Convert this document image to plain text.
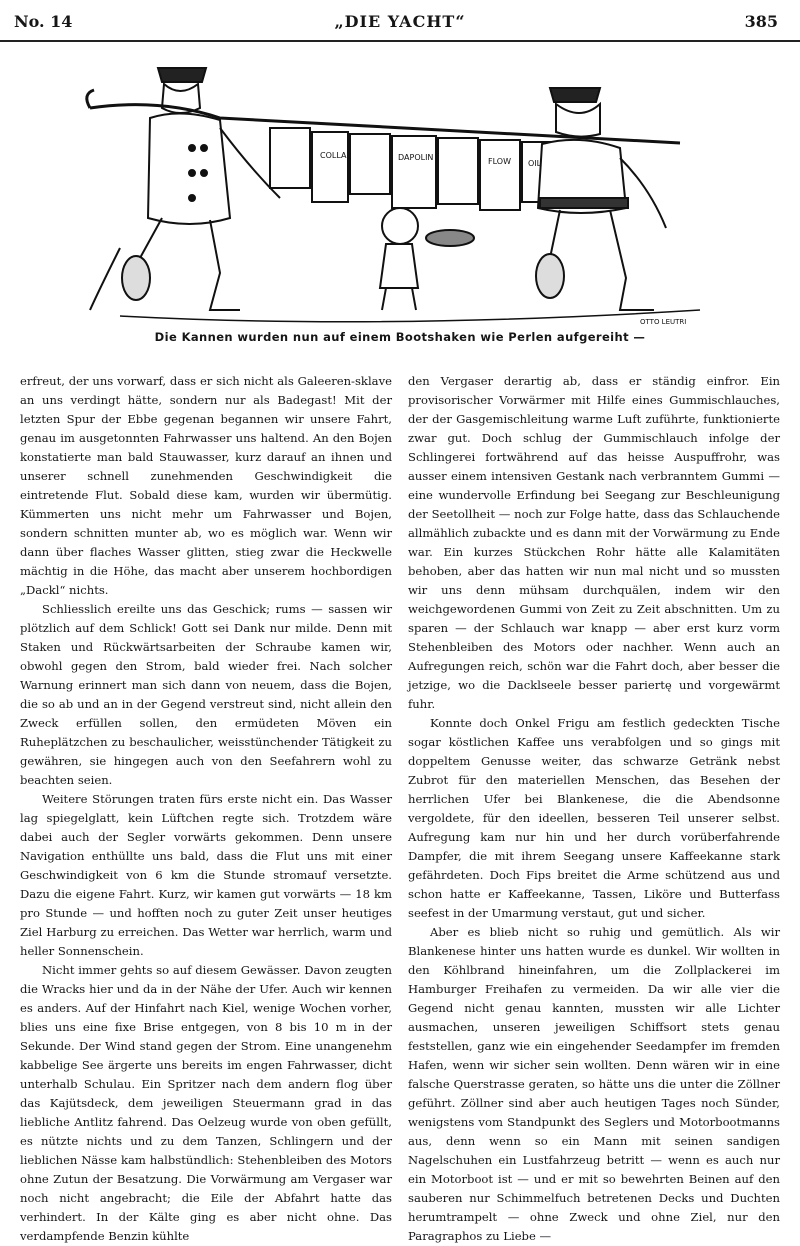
No. 14	„DIE YACHT“	385
COLLA	DAPOLIN	FLOW OIL
OTTO LEUTRI
Die Kannen wurden nun auf einem Bootshaken wie Perlen aufgereiht —

erfreut, der uns vorwarf, dass er sich nicht als Galeeren-sklave an uns verdingt hätte, sondern nur als Badegast! Mit der letzten Spur der Ebbe gegenan begannen wir unsere Fahrt, genau im ausgetonnten Fahrwasser uns haltend. An den Bojen konstatierte man bald Stauwasser, kurz darauf an ihnen und unserer schnell zunehmenden Geschwindigkeit die eintretende Flut. Sobald diese kam, wurden wir übermütig. Kümmerten uns nicht mehr um Fahrwasser und Bojen, sondern schnitten munter ab, wo es möglich war. Wenn wir dann über flaches Wasser glitten, stieg zwar die Heckwelle mächtig in die Höhe, das macht aber unserem hochbordigen „Dackl“ nichts.

Schliesslich ereilte uns das Geschick; rums — sassen wir plötzlich auf dem Schlick! Gott sei Dank nur milde. Denn mit Staken und Rückwärtsarbeiten der Schraube kamen wir, obwohl gegen den Strom, bald wieder frei. Nach solcher Warnung erinnert man sich dann von neuem, dass die Bojen, die so ab und an in der Gegend verstreut sind, nicht allein den Zweck erfüllen sollen, den ermüdeten Möven ein Ruheplätzchen zu beschaulicher, weisstünchender Tätigkeit zu gewähren, sie hingegen auch von den Seefahrern wohl zu beachten seien.

Weitere Störungen traten fürs erste nicht ein. Das Wasser lag spiegelglatt, kein Lüftchen regte sich. Trotzdem wäre dabei auch der Segler vorwärts gekommen. Denn unsere Navigation enthüllte uns bald, dass die Flut uns mit einer Geschwindigkeit von 6 km die Stunde stromauf versetzte. Dazu die eigene Fahrt. Kurz, wir kamen gut vorwärts — 18 km pro Stunde — und hofften noch zu guter Zeit unser heutiges Ziel Harburg zu erreichen. Das Wetter war herrlich, warm und heller Sonnenschein.

Nicht immer gehts so auf diesem Gewässer. Davon zeugten die Wracks hier und da in der Nähe der Ufer. Auch wir kennen es anders. Auf der Hinfahrt nach Kiel, wenige Wochen vorher, blies uns eine fixe Brise entgegen, von 8 bis 10 m in der Sekunde. Der Wind stand gegen der Strom. Eine unangenehm kabbelige See ärgerte uns bereits im engen Fahrwasser, dicht unterhalb Schulau. Ein Spritzer nach dem andern flog über das Kajütsdeck, dem jeweiligen Steuermann grad in das liebliche Antlitz fahrend. Das Oelzeug wurde von oben gefüllt, es nützte nichts und zu dem Tanzen, Schlingern und der lieblichen Nässe kam halbstündlich: Stehenbleiben des Motors ohne Zutun der Besatzung. Die Vorwärmung am Vergaser war noch nicht angebracht; die Eile der Abfahrt hatte das verhindert. In der Kälte ging es aber nicht ohne. Das verdampfende Benzin kühlte

den Vergaser derartig ab, dass er ständig einfror. Ein provisorischer Vorwärmer mit Hilfe eines Gummischlauches, der der Gasgemischleitung warme Luft zuführte, funktionierte zwar gut. Doch schlug der Gummischlauch infolge der Schlingerei fortwährend auf das heisse Auspuffrohr, was ausser einem intensiven Gestank nach verbranntem Gummi — eine wundervolle Erfindung bei Seegang zur Beschleunigung der Seetollheit — noch zur Folge hatte, dass das Schlauchende allmählich zubackte und es dann mit der Vorwärmung zu Ende war. Ein kurzes Stückchen Rohr hätte alle Kalamitäten behoben, aber das hatten wir nun mal nicht und so mussten wir uns denn mühsam durchquälen, indem wir den weichgewordenen Gummi von Zeit zu Zeit abschnitten. Um zu sparen — der Schlauch war knapp — aber erst kurz vorm Stehenbleiben des Motors oder nachher. Wenn auch an Aufregungen reich, schön war die Fahrt doch, aber besser die jetzige, wo die Dacklseele besser pariertę und vorgewärmt fuhr.

Konnte doch Onkel Frigu am festlich gedeckten Tische sogar köstlichen Kaffee uns verabfolgen und so gings mit doppeltem Genusse weiter, das schwarze Getränk nebst Zubrot für den materiellen Menschen, das Besehen der herrlichen Ufer bei Blankenese, die die Abendsonne vergoldete, für den ideellen, besseren Teil unserer selbst. Aufregung kam nur hin und her durch vorüberfahrende Dampfer, die mit ihrem Seegang unsere Kaffeekanne stark gefährdeten. Doch Fips breitet die Arme schützend aus und schon hatte er Kaffeekanne, Tassen, Liköre und Butterfass seefest in der Umarmung verstaut, gut und sicher.

Aber es blieb nicht so ruhig und gemütlich. Als wir Blankenese hinter uns hatten wurde es dunkel. Wir wollten in den Köhlbrand hineinfahren, um die Zollplackerei im Hamburger Freihafen zu vermeiden. Da wir alle vier die Gegend nicht genau kannten, mussten wir alle Lichter ausmachen, unseren jeweiligen Schiffsort stets genau feststellen, ganz wie ein eingehender Seedampfer im fremden Hafen, wenn wir sicher sein wollten. Denn wären wir in eine falsche Querstrasse geraten, so hätte uns die unter die Zöllner geführt. Zöllner sind aber auch heutigen Tages noch Sünder, wenigstens vom Standpunkt des Seglers und Motorbootmanns aus, denn wenn so ein Mann mit seinen sandigen Nagelschuhen ein Lustfahrzeug betritt — wenn es auch nur ein Motorboot ist — und er mit so bewehrten Beinen auf den sauberen nur Schimmelfuch betretenen Decks und Duchten herumtrampelt — ohne Zweck und ohne Ziel, nur den Paragraphos zu Liebe —
